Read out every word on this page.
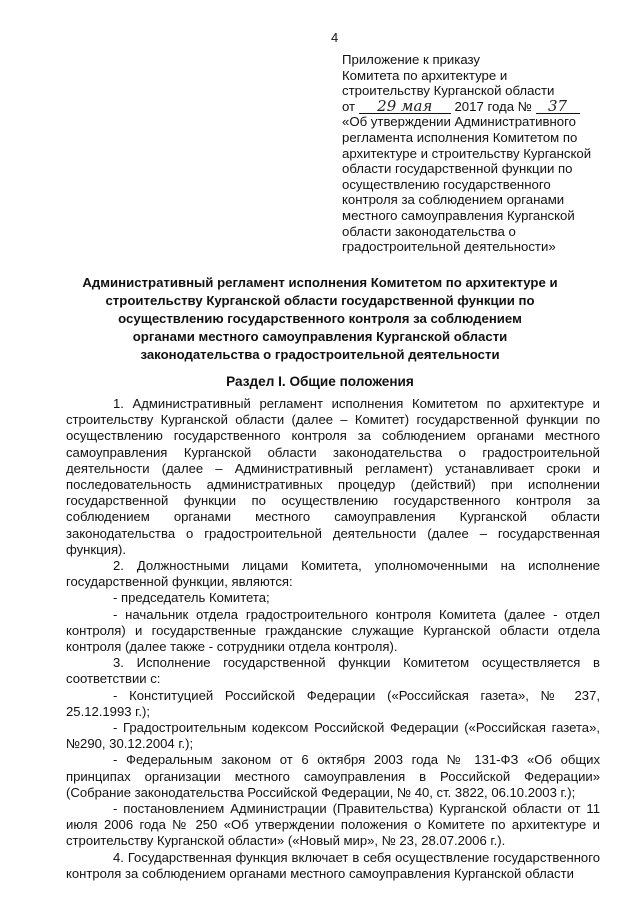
4
Приложение к приказу
Комитета по архитектуре и
строительству Курганской области
от 29 мая 2017 года № 37
«Об утверждении Административного
регламента исполнения Комитетом по
архитектуре и строительству Курганской
области государственной функции по
осуществлению государственного
контроля за соблюдением органами
местного самоуправления Курганской
области законодательства о
градостроительной деятельности»
Административный регламент исполнения Комитетом по архитектуре и
строительству Курганской области государственной функции по
осуществлению государственного контроля за соблюдением
органами местного самоуправления Курганской области
законодательства о градостроительной деятельности
Раздел I. Общие положения

1. Административный регламент исполнения Комитетом по архитектуре и строительству Курганской области (далее – Комитет) государственной функции по осуществлению государственного контроля за соблюдением органами местного самоуправления Курганской области законодательства о градостроительной деятельности (далее – Административный регламент) устанавливает сроки и последовательность административных процедур (действий) при исполнении государственной функции по осуществлению государственного контроля за соблюдением органами местного самоуправления Курганской области законодательства о градостроительной деятельности (далее – государственная функция).

2. Должностными лицами Комитета, уполномоченными на исполнение государственной функции, являются:

- председатель Комитета;

- начальник отдела градостроительного контроля Комитета (далее - отдел контроля) и государственные гражданские служащие Курганской области отдела контроля (далее также - сотрудники отдела контроля).

3. Исполнение государственной функции Комитетом осуществляется в соответствии с:

- Конституцией Российской Федерации («Российская газета», № 237, 25.12.1993 г.);

- Градостроительным кодексом Российской Федерации («Российская газета», №290, 30.12.2004 г.);

- Федеральным законом от 6 октября 2003 года № 131-ФЗ «Об общих принципах организации местного самоуправления в Российской Федерации» (Собрание законодательства Российской Федерации, № 40, ст. 3822, 06.10.2003 г.);

- постановлением Администрации (Правительства) Курганской области от 11 июля 2006 года № 250 «Об утверждении положения о Комитете по архитектуре и строительству Курганской области» («Новый мир», № 23, 28.07.2006 г.).

4. Государственная функция включает в себя осуществление государственного контроля за соблюдением органами местного самоуправления Курганской области
